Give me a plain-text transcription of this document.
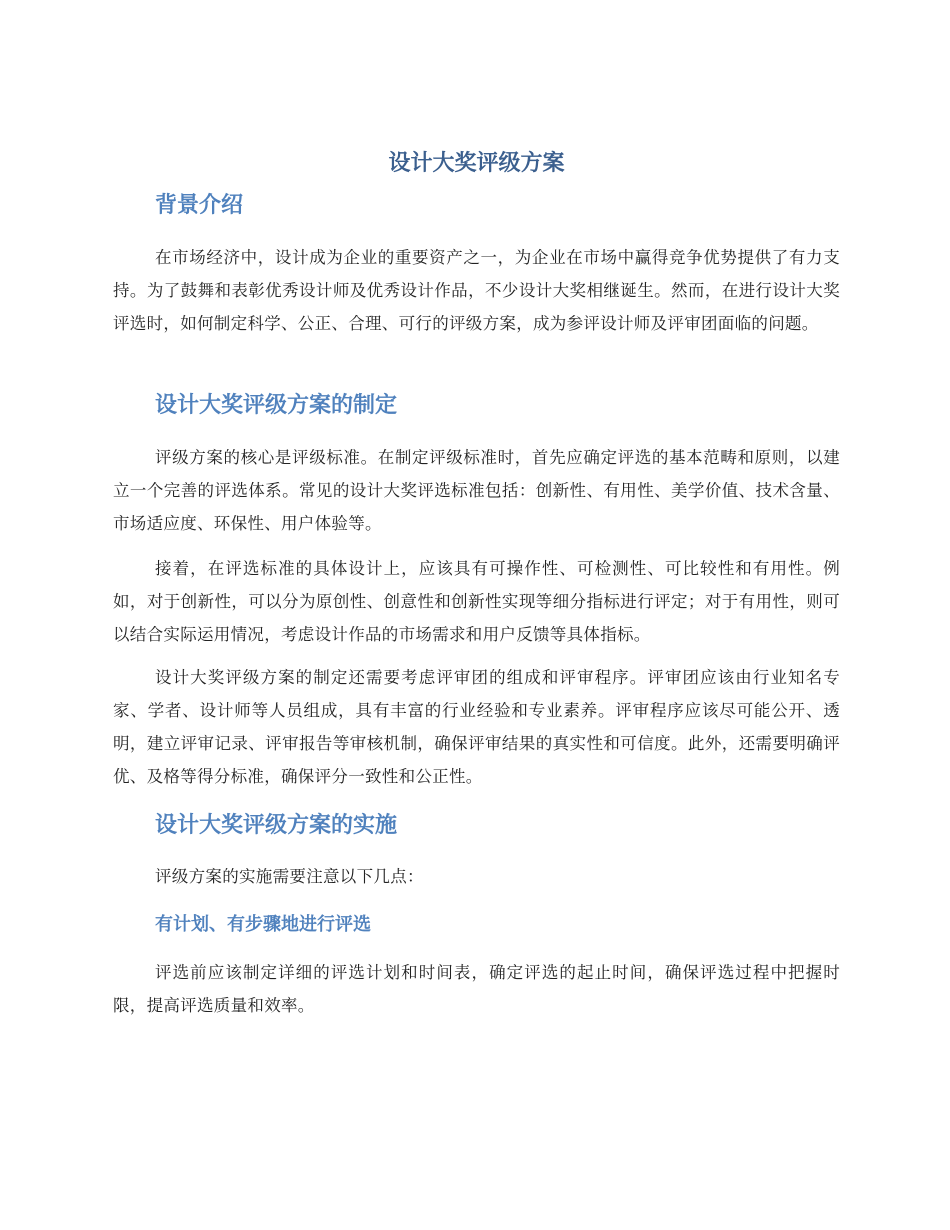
设计大奖评级方案
背景介绍

在市场经济中，设计成为企业的重要资产之一，为企业在市场中赢得竞争优势提供了有力支持。为了鼓舞和表彰优秀设计师及优秀设计作品，不少设计大奖相继诞生。然而，在进行设计大奖评选时，如何制定科学、公正、合理、可行的评级方案，成为参评设计师及评审团面临的问题。

设计大奖评级方案的制定

评级方案的核心是评级标准。在制定评级标准时，首先应确定评选的基本范畴和原则，以建立一个完善的评选体系。常见的设计大奖评选标准包括：创新性、有用性、美学价值、技术含量、市场适应度、环保性、用户体验等。

接着，在评选标准的具体设计上，应该具有可操作性、可检测性、可比较性和有用性。例如，对于创新性，可以分为原创性、创意性和创新性实现等细分指标进行评定；对于有用性，则可以结合实际运用情况，考虑设计作品的市场需求和用户反馈等具体指标。

设计大奖评级方案的制定还需要考虑评审团的组成和评审程序。评审团应该由行业知名专家、学者、设计师等人员组成，具有丰富的行业经验和专业素养。评审程序应该尽可能公开、透明，建立评审记录、评审报告等审核机制，确保评审结果的真实性和可信度。此外，还需要明确评优、及格等得分标准，确保评分一致性和公正性。

设计大奖评级方案的实施

评级方案的实施需要注意以下几点：

有计划、有步骤地进行评选

评选前应该制定详细的评选计划和时间表，确定评选的起止时间，确保评选过程中把握时限，提高评选质量和效率。
